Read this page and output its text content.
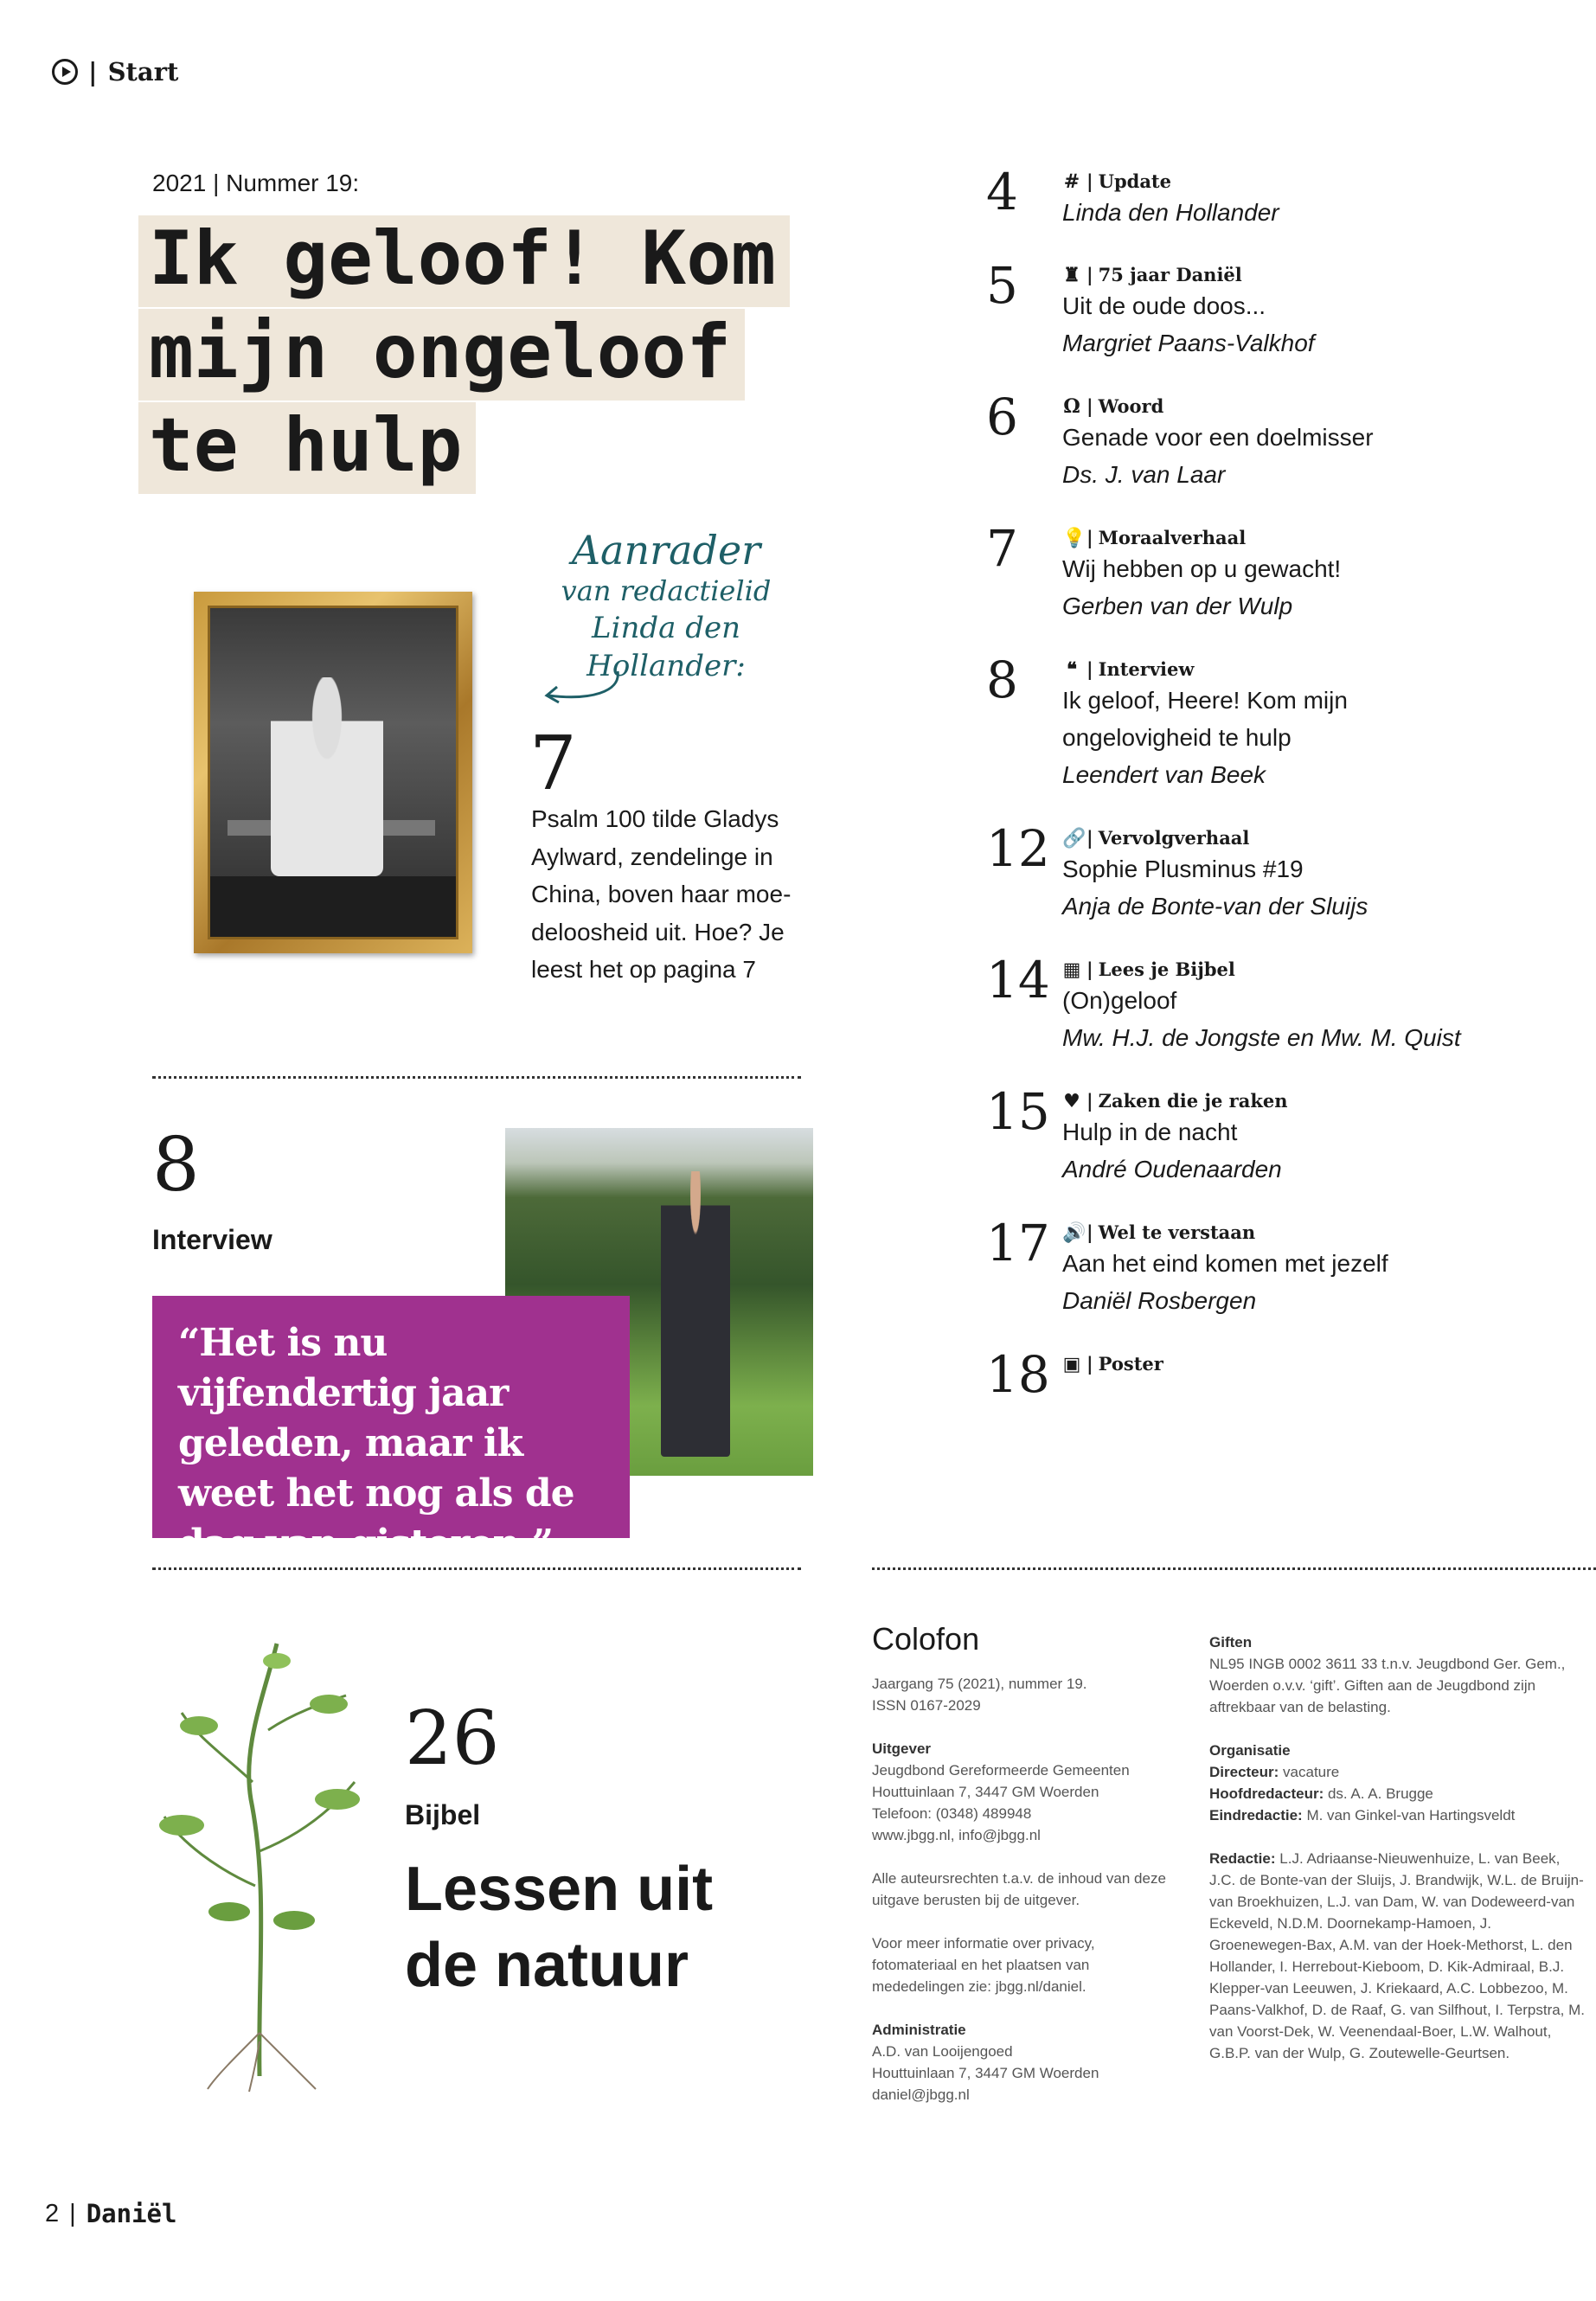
| Start
2021 | Nummer 19:
Ik geloof! Kom
mijn ongeloof
te hulp
Aanrader
van redactielid
Linda den Hollander:
7
Psalm 100 tilde Gladys Aylward, zendelinge in China, boven haar moe-deloosheid uit. Hoe? Je leest het op pagina 7
8
Interview
“Het is nu vijfendertig jaar geleden, maar ik weet het nog als de dag van gisteren.”
26
Bijbel
Lessen uit de natuur
4 # | Update
Linda den Hollander
5 ♜ | 75 jaar Daniël
Uit de oude doos...
Margriet Paans-Valkhof
6 Ω | Woord
Genade voor een doelmisser
Ds. J. van Laar
7 💡 | Moraalverhaal
Wij hebben op u gewacht!
Gerben van der Wulp
8	❝ | Interview
Ik geloof, Heere! Kom mijn ongelovigheid te hulp
Leendert van Beek
12 🔗 | Vervolgverhaal
Sophie Plusminus #19
Anja de Bonte-van der Sluijs
14 ▦ | Lees je Bijbel
(On)geloof
Mw. H.J. de Jongste en Mw. M. Quist
15 ♥ | Zaken die je raken
Hulp in de nacht
André Oudenaarden
17 🔊 | Wel te verstaan
Aan het eind komen met jezelf
Daniël Rosbergen
18 ▣ | Poster
Colofon
Jaargang 75 (2021), nummer 19.
ISSN 0167-2029
Uitgever
Jeugdbond Gereformeerde Gemeenten
Houttuinlaan 7, 3447 GM Woerden
Telefoon: (0348) 489948
www.jbgg.nl, info@jbgg.nl
Alle auteursrechten t.a.v. de inhoud van deze uitgave berusten bij de uitgever.
Voor meer informatie over privacy, fotomateriaal en het plaatsen van mededelingen zie: jbgg.nl/daniel.
Administratie
A.D. van Looijengoed
Houttuinlaan 7, 3447 GM Woerden
daniel@jbgg.nl
Giften
NL95 INGB 0002 3611 33 t.n.v. Jeugdbond Ger. Gem., Woerden o.v.v. ‘gift’. Giften aan de Jeugdbond zijn aftrekbaar van de belasting.
Organisatie
Directeur: vacature
Hoofdredacteur: ds. A. A. Brugge
Eindredactie: M. van Ginkel-van Hartingsveldt
Redactie: L.J. Adriaanse-Nieuwenhuize, L. van Beek, J.C. de Bonte-van der Sluijs, J. Brandwijk, W.L. de Bruijn-van Broekhuizen, L.J. van Dam, W. van Dodeweerd-van Eckeveld, N.D.M. Doornekamp-Hamoen, J. Groenewegen-Bax, A.M. van der Hoek-Methorst, L. den Hollander, I. Herrebout-Kieboom, D. Kik-Admiraal, B.J. Klepper-van Leeuwen, J. Kriekaard, A.C. Lobbezoo, M. Paans-Valkhof, D. de Raaf, G. van Silfhout, I. Terpstra, M. van Voorst-Dek, W. Veenendaal-Boer, L.W. Walhout, G.B.P. van der Wulp, G. Zoutewelle-Geurtsen.
2 | Daniël
